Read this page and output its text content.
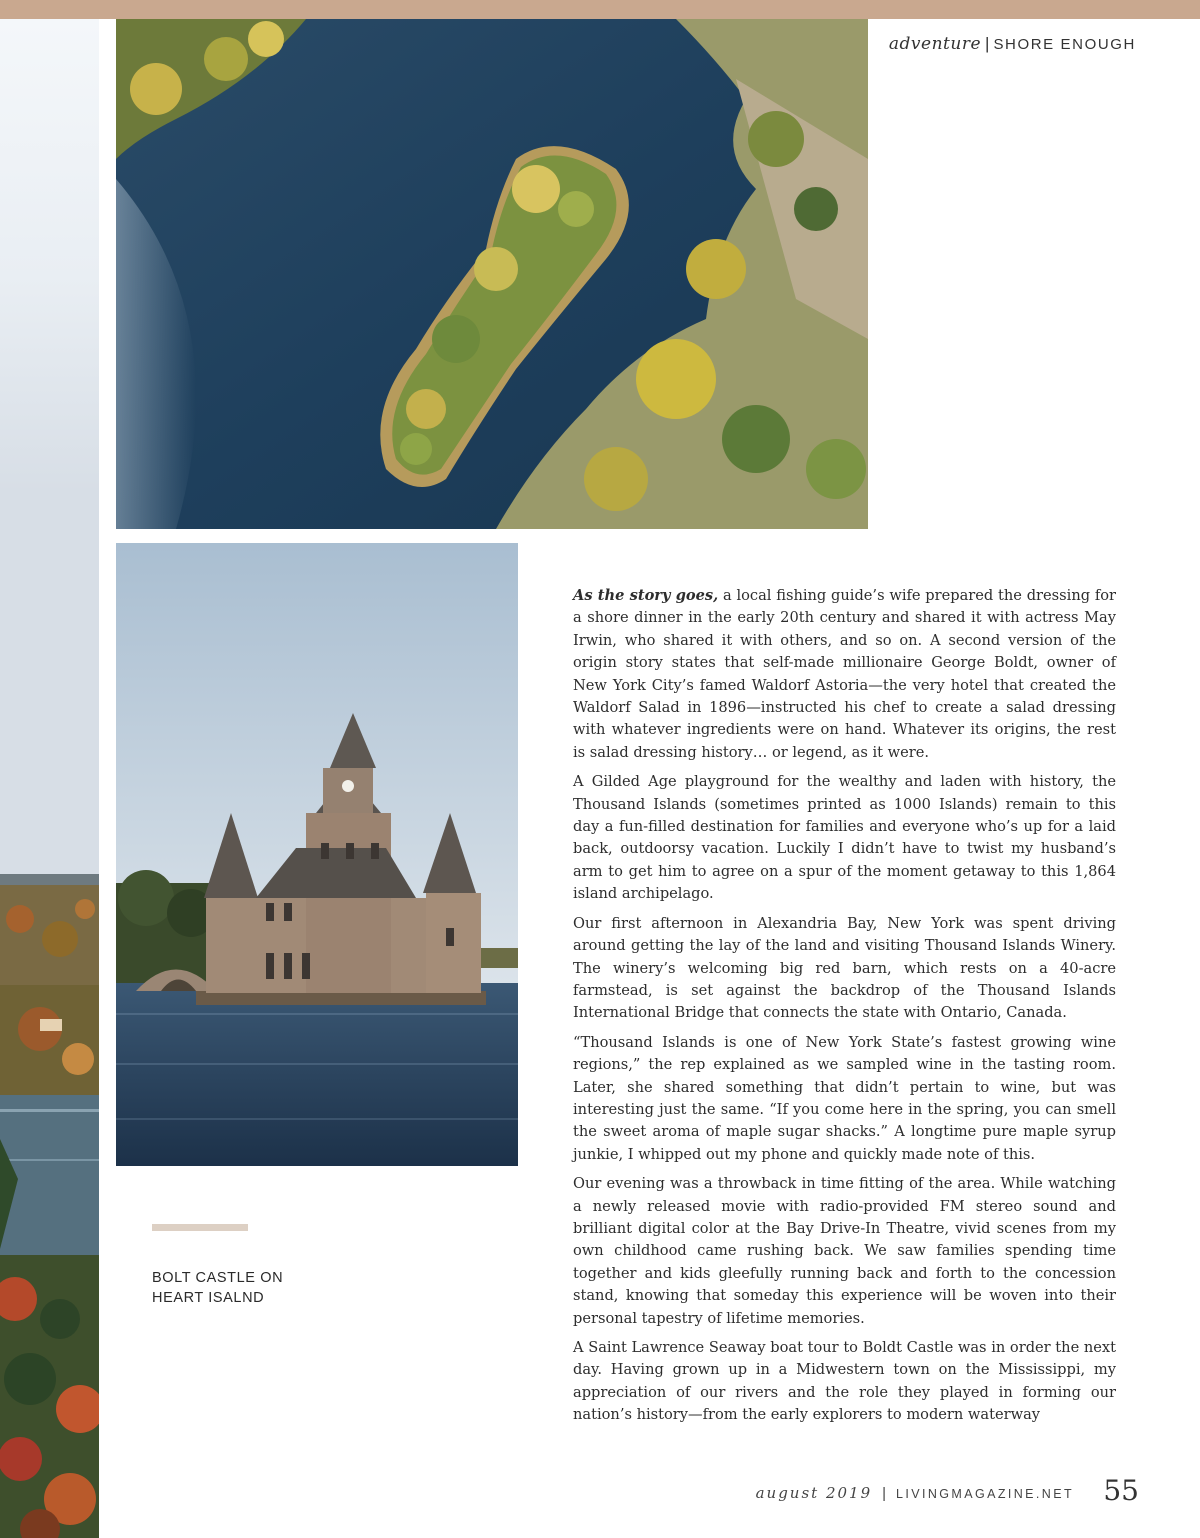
adventure | SHORE ENOUGH
BOLT CASTLE ON
HEART ISALND

As the story goes, a local fishing guide’s wife prepared the dressing for a shore dinner in the early 20th century and shared it with actress May Irwin, who shared it with others, and so on. A second version of the origin story states that self-made millionaire George Boldt, owner of New York City’s famed Waldorf Astoria—the very hotel that created the Waldorf Salad in 1896—instructed his chef to create a salad dressing with whatever ingredients were on hand. Whatever its origins, the rest is salad dressing history… or legend, as it were.

A Gilded Age playground for the wealthy and laden with history, the Thousand Islands (sometimes printed as 1000 Islands) remain to this day a fun-filled destination for families and everyone who’s up for a laid back, outdoorsy vacation. Luckily I didn’t have to twist my husband’s arm to get him to agree on a spur of the moment getaway to this 1,864 island archipelago.

Our first afternoon in Alexandria Bay, New York was spent driving around getting the lay of the land and visiting Thousand Islands Winery. The winery’s welcoming big red barn, which rests on a 40-acre farmstead, is set against the backdrop of the Thousand Islands International Bridge that connects the state with Ontario, Canada.

“Thousand Islands is one of New York State’s fastest growing wine regions,” the rep explained as we sampled wine in the tasting room. Later, she shared something that didn’t pertain to wine, but was interesting just the same. “If you come here in the spring, you can smell the sweet aroma of maple sugar shacks.” A longtime pure maple syrup junkie, I whipped out my phone and quickly made note of this.

Our evening was a throwback in time fitting of the area. While watching a newly released movie with radio-provided FM stereo sound and brilliant digital color at the Bay Drive-In Theatre, vivid scenes from my own childhood came rushing back. We saw families spending time together and kids gleefully running back and forth to the concession stand, knowing that someday this experience will be woven into their personal tapestry of lifetime memories.

A Saint Lawrence Seaway boat tour to Boldt Castle was in order the next day. Having grown up in a Midwestern town on the Mississippi, my appreciation of our rivers and the role they played in forming our nation’s history—from the early explorers to modern waterway

august 2019 | LIVINGMAGAZINE.NET 55
